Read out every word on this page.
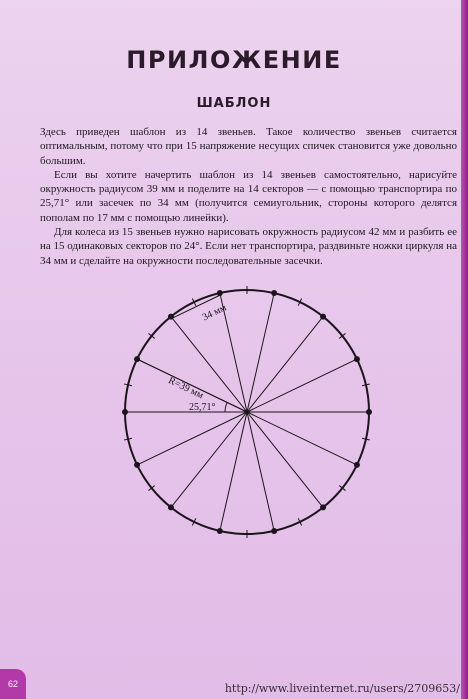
ПРИЛОЖЕНИЕ
ШАБЛОН

Здесь приведен шаблон из 14 звеньев. Такое количество звеньев считается оптимальным, потому что при 15 напряжение несущих спичек становится уже довольно большим.

Если вы хотите начертить шаблон из 14 звеньев самостоятельно, нарисуйте окружность радиусом 39 мм и поделите на 14 секторов — с помощью транспортира по 25,71° или засечек по 34 мм (получится семиугольник, стороны которого делятся пополам по 17 мм с помощью линейки).

Для колеса из 15 звеньев нужно нарисовать окружность радиусом 42 мм и разбить ее на 15 одинаковых секторов по 24°. Если нет транспортира, раздвиньте ножки циркуля на 34 мм и сделайте на окружности последовательные засечки.

34 мм
R=39 мм
25,71°
62	http://www.liveinternet.ru/users/2709653/
